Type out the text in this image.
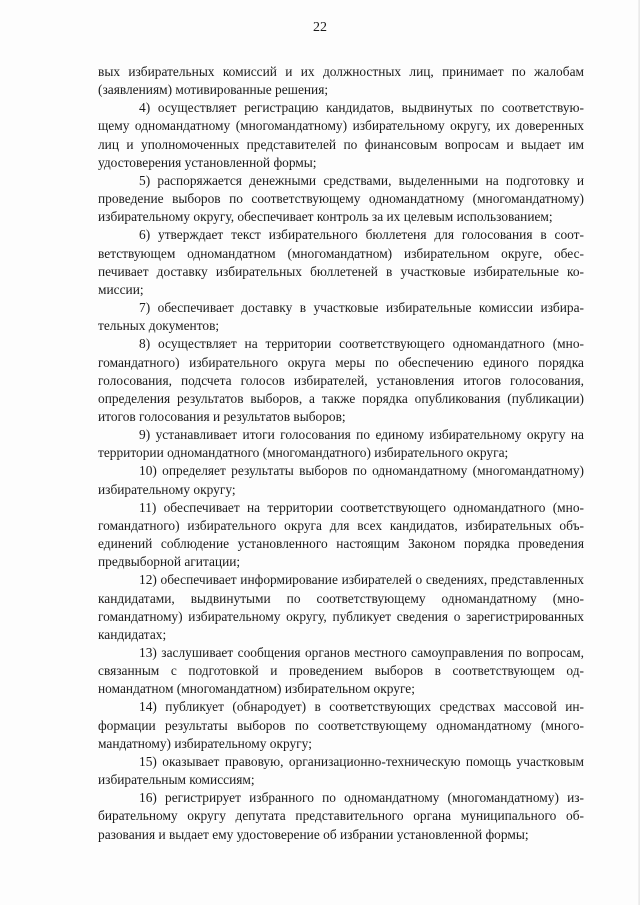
22

вых избирательных комиссий и их должностных лиц, принимает по жалобам (заявлениям) мотивированные решения;

4) осуществляет регистрацию кандидатов, выдвинутых по соответствующему одномандатному (многомандатному) избирательному округу, их доверенных лиц и уполномоченных представителей по финансовым вопросам и выдает им удостоверения установленной формы;

5) распоряжается денежными средствами, выделенными на подготовку и проведение выборов по соответствующему одномандатному (многомандатному) избирательному округу, обеспечивает контроль за их целевым использованием;

6) утверждает текст избирательного бюллетеня для голосования в соответствующем одномандатном (многомандатном) избирательном округе, обеспечивает доставку избирательных бюллетеней в участковые избирательные комиссии;

7) обеспечивает доставку в участковые избирательные комиссии избирательных документов;

8) осуществляет на территории соответствующего одномандатного (многомандатного) избирательного округа меры по обеспечению единого порядка голосования, подсчета голосов избирателей, установления итогов голосования, определения результатов выборов, а также порядка опубликования (публикации) итогов голосования и результатов выборов;

9) устанавливает итоги голосования по единому избирательному округу на территории одномандатного (многомандатного) избирательного округа;

10) определяет результаты выборов по одномандатному (многомандатному) избирательному округу;

11) обеспечивает на территории соответствующего одномандатного (многомандатного) избирательного округа для всех кандидатов, избирательных объединений соблюдение установленного настоящим Законом порядка проведения предвыборной агитации;

12) обеспечивает информирование избирателей о сведениях, представленных кандидатами, выдвинутыми по соответствующему одномандатному (многомандатному) избирательному округу, публикует сведения о зарегистрированных кандидатах;

13) заслушивает сообщения органов местного самоуправления по вопросам, связанным с подготовкой и проведением выборов в соответствующем одномандатном (многомандатном) избирательном округе;

14) публикует (обнародует) в соответствующих средствах массовой информации результаты выборов по соответствующему одномандатному (многомандатному) избирательному округу;

15) оказывает правовую, организационно-техническую помощь участковым избирательным комиссиям;

16) регистрирует избранного по одномандатному (многомандатному) избирательному округу депутата представительного органа муниципального образования и выдает ему удостоверение об избрании установленной формы;
